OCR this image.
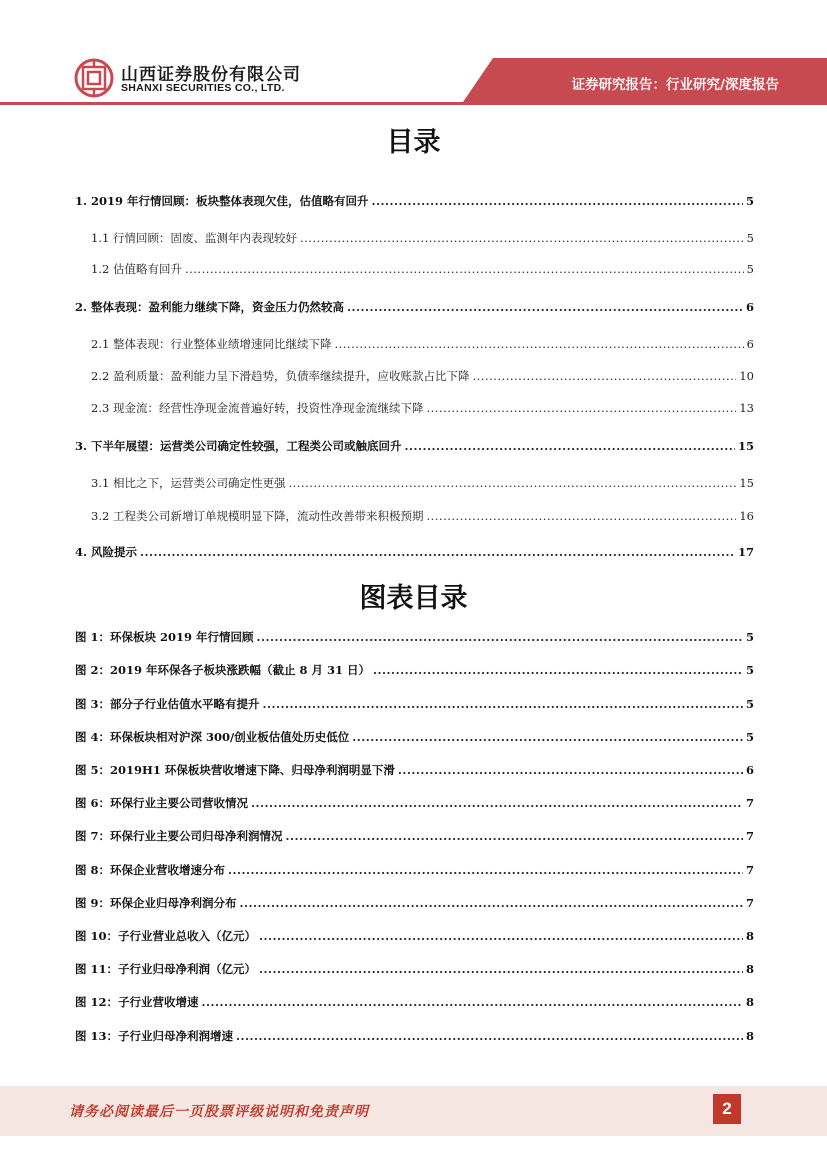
山西证券股份有限公司
SHANXI SECURITIES CO., LTD.	证券研究报告：行业研究/深度报告
目录
1. 2019 年行情回顾：板块整体表现欠佳，估值略有回升 .....	5
1.1 行情回顾：固废、监测年内表现较好 .....	5
1.2 估值略有回升 .....	5
2. 整体表现：盈利能力继续下降，资金压力仍然较高 .....	6
2.1 整体表现：行业整体业绩增速同比继续下降 .....	6
2.2 盈利质量：盈利能力呈下滑趋势，负债率继续提升，应收账款占比下降 .....	10
2.3 现金流：经营性净现金流普遍好转，投资性净现金流继续下降 .....	13
3. 下半年展望：运营类公司确定性较强，工程类公司或触底回升 .....	15
3.1 相比之下，运营类公司确定性更强 .....	15
3.2 工程类公司新增订单规模明显下降，流动性改善带来积极预期 .....	16
4. 风险提示 .....	17
图表目录
图 1：环保板块 2019 年行情回顾 .....	5
图 2：2019 年环保各子板块涨跌幅（截止 8 月 31 日） .....	5
图 3：部分子行业估值水平略有提升 .....	5
图 4：环保板块相对沪深 300/创业板估值处历史低位 .....	5
图 5：2019H1 环保板块营收增速下降、归母净利润明显下滑 .....	6
图 6：环保行业主要公司营收情况 .....	7
图 7：环保行业主要公司归母净利润情况 .....	7
图 8：环保企业营收增速分布 .....	7
图 9：环保企业归母净利润分布 .....	7
图 10：子行业营业总收入（亿元） .....	8
图 11：子行业归母净利润（亿元） .....	8
图 12：子行业营收增速 .....	8
图 13：子行业归母净利润增速 .....	8
请务必阅读最后一页股票评级说明和免责声明	2
